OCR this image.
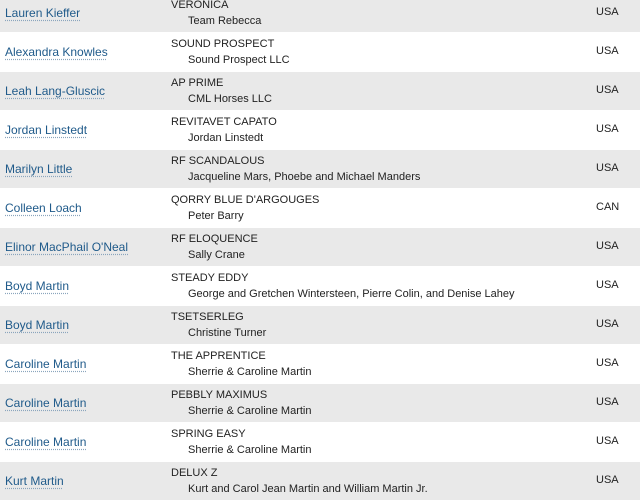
Lauren Kieffer
VERONICA
Team Rebecca
USA
Alexandra Knowles
SOUND PROSPECT
Sound Prospect LLC
USA
Leah Lang-Gluscic
AP PRIME
CML Horses LLC
USA
Jordan Linstedt
REVITAVET CAPATO
Jordan Linstedt
USA
Marilyn Little
RF SCANDALOUS
Jacqueline Mars, Phoebe and Michael Manders
USA
Colleen Loach
QORRY BLUE D'ARGOUGES
Peter Barry
CAN
Elinor MacPhail O'Neal
RF ELOQUENCE
Sally Crane
USA
Boyd Martin
STEADY EDDY
George and Gretchen Wintersteen, Pierre Colin, and Denise Lahey
USA
Boyd Martin
TSETSERLEG
Christine Turner
USA
Caroline Martin
THE APPRENTICE
Sherrie & Caroline Martin
USA
Caroline Martin
PEBBLY MAXIMUS
Sherrie & Caroline Martin
USA
Caroline Martin
SPRING EASY
Sherrie & Caroline Martin
USA
Kurt Martin
DELUX Z
Kurt and Carol Jean Martin and William Martin Jr.
USA
